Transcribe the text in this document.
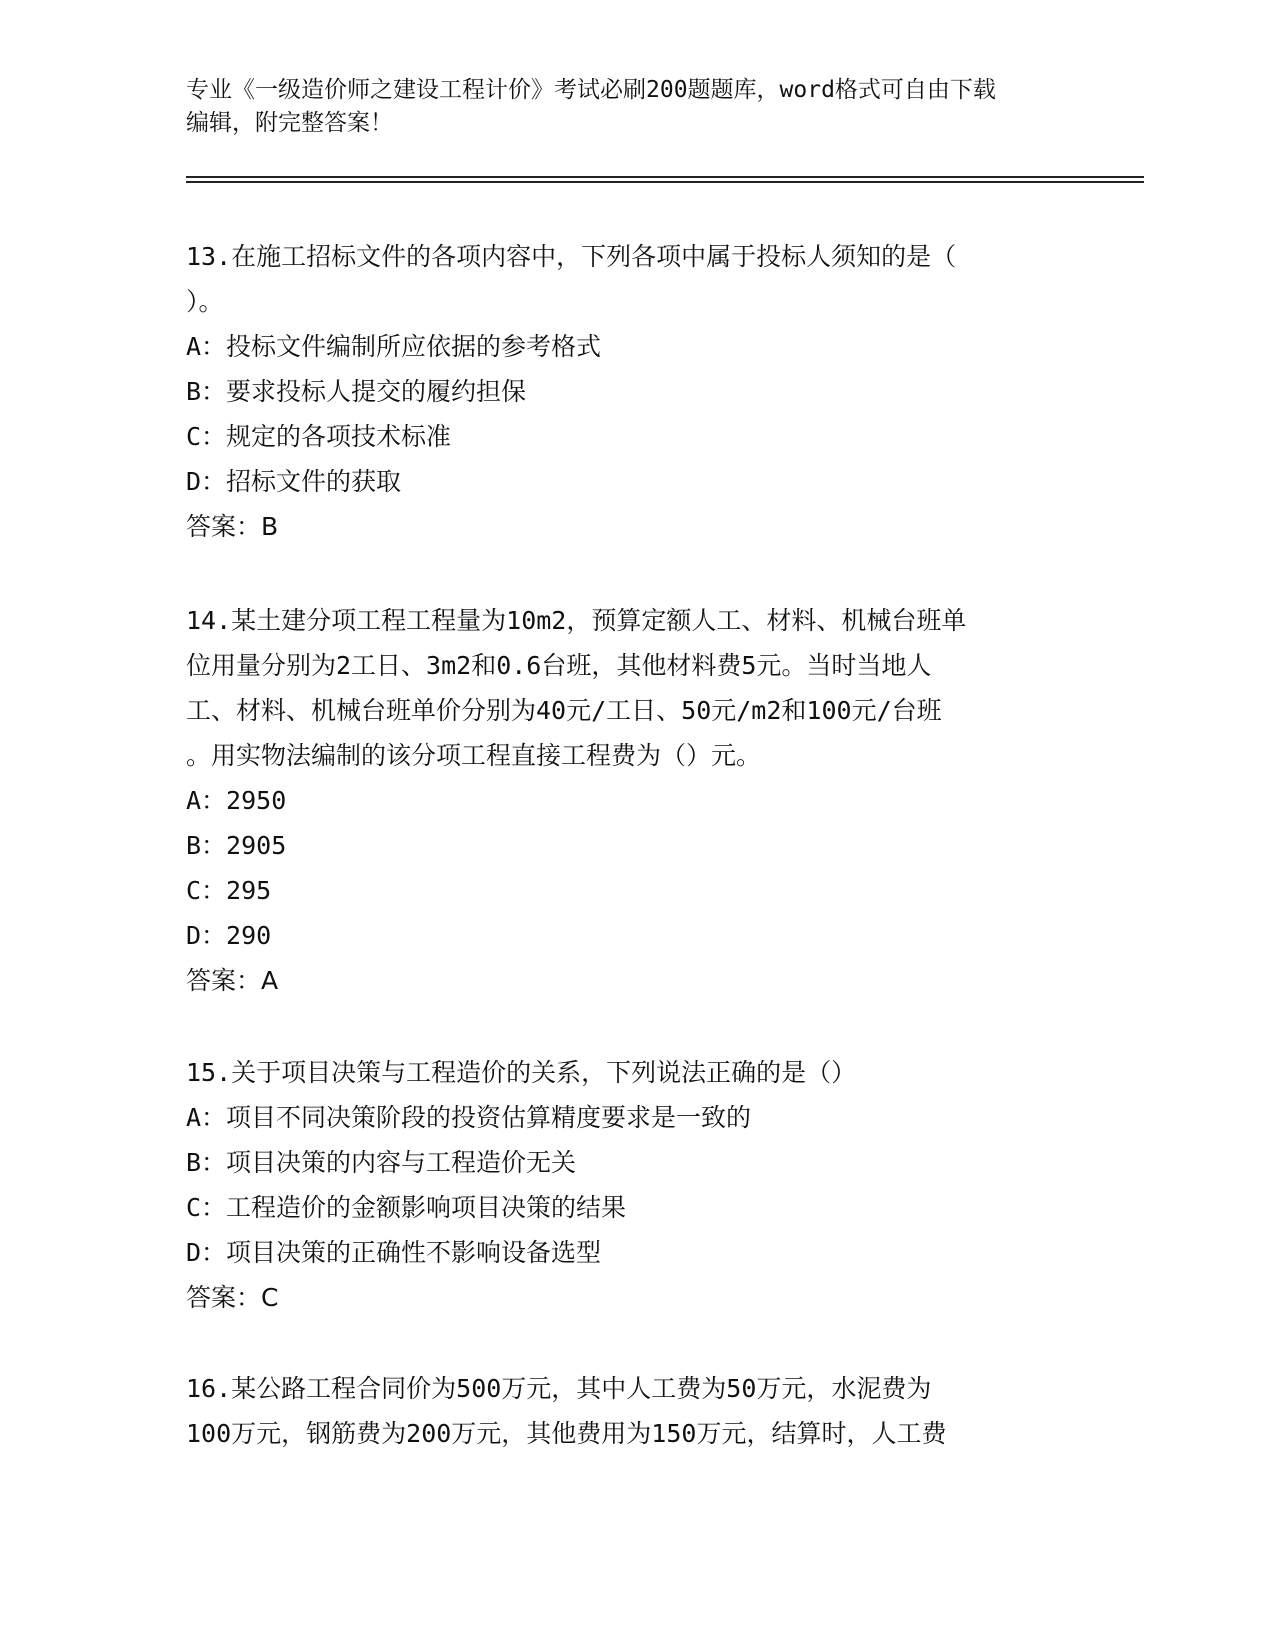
专业《一级造价师之建设工程计价》考试必刷200题题库，word格式可自由下载
编辑，附完整答案！
13.在施工招标文件的各项内容中，下列各项中属于投标人须知的是（
）。
A：投标文件编制所应依据的参考格式
B：要求投标人提交的履约担保
C：规定的各项技术标准
D：招标文件的获取
答案：B
14.某土建分项工程工程量为10m2，预算定额人工、材料、机械台班单
位用量分别为2工日、3m2和0.6台班，其他材料费5元。当时当地人
工、材料、机械台班单价分别为40元/工日、50元/m2和100元/台班
。用实物法编制的该分项工程直接工程费为（）元。
A：2950
B：2905
C：295
D：290
答案：A
15.关于项目决策与工程造价的关系，下列说法正确的是（）
A：项目不同决策阶段的投资估算精度要求是一致的
B：项目决策的内容与工程造价无关
C：工程造价的金额影响项目决策的结果
D：项目决策的正确性不影响设备选型
答案：C
16.某公路工程合同价为500万元，其中人工费为50万元，水泥费为
100万元，钢筋费为200万元，其他费用为150万元，结算时，人工费
